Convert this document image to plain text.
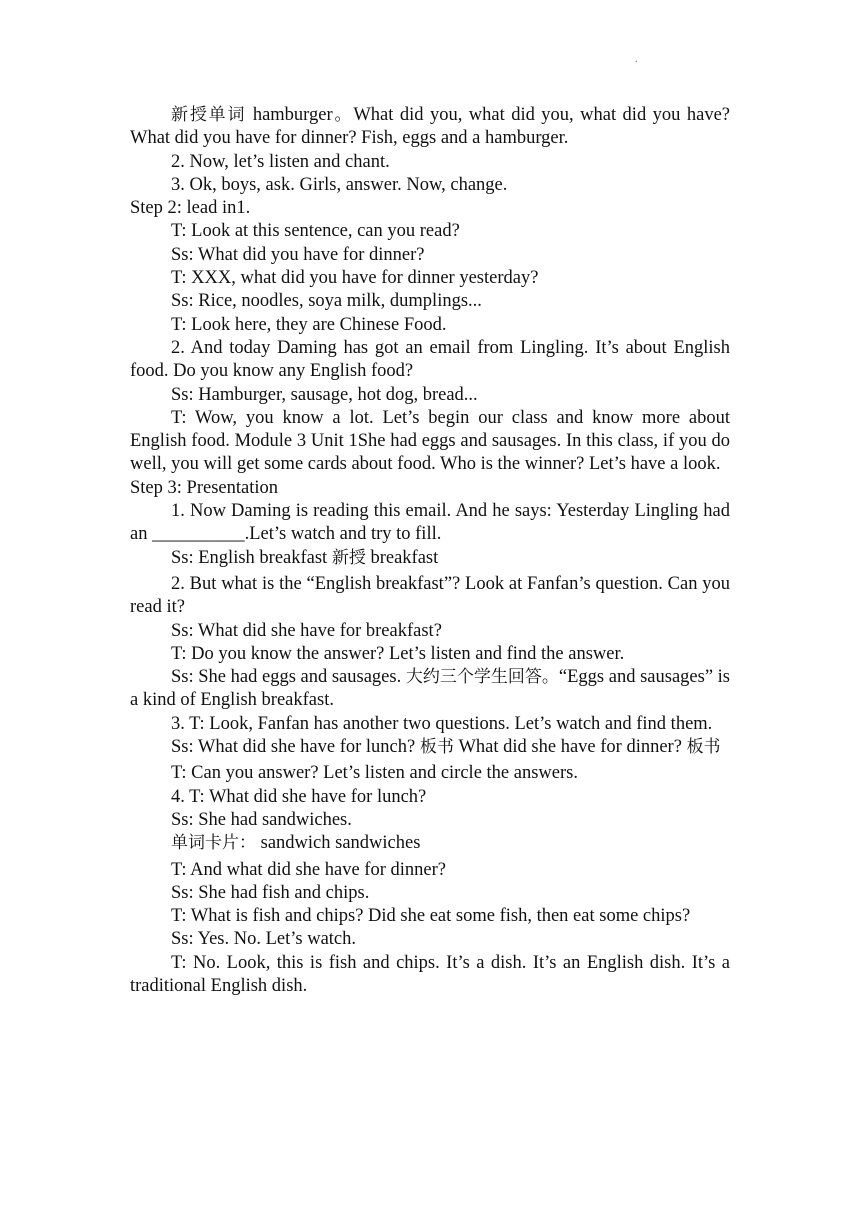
.

新授单词 hamburger。What did you, what did you, what did you have? What did you have for dinner? Fish, eggs and a hamburger.

2. Now, let’s listen and chant.

3. Ok, boys, ask. Girls, answer. Now, change.

Step 2: lead in1.

T: Look at this sentence, can you read?

Ss: What did you have for dinner?

T: XXX, what did you have for dinner yesterday?

Ss: Rice, noodles, soya milk, dumplings...

T: Look here, they are Chinese Food.

2. And today Daming has got an email from Lingling. It’s about English food. Do you know any English food?

Ss: Hamburger, sausage, hot dog, bread...

T: Wow, you know a lot. Let’s begin our class and know more about English food. Module 3 Unit 1She had eggs and sausages. In this class, if you do well, you will get some cards about food. Who is the winner? Let’s have a look.

Step 3: Presentation

1. Now Daming is reading this email. And he says: Yesterday Lingling had an __________.Let’s watch and try to fill.

Ss: English breakfast 新授 breakfast

2. But what is the “English breakfast”? Look at Fanfan’s question. Can you read it?

Ss: What did she have for breakfast?

T: Do you know the answer? Let’s listen and find the answer.

Ss: She had eggs and sausages. 大约三个学生回答。“Eggs and sausages” is a kind of English breakfast.

3. T: Look, Fanfan has another two questions. Let’s watch and find them.

Ss: What did she have for lunch? 板书 What did she have for dinner? 板书

T: Can you answer? Let’s listen and circle the answers.

4. T: What did she have for lunch?

Ss: She had sandwiches.

单词卡片： sandwich sandwiches

T: And what did she have for dinner?

Ss: She had fish and chips.

T: What is fish and chips? Did she eat some fish, then eat some chips?

Ss: Yes. No. Let’s watch.

T: No. Look, this is fish and chips. It’s a dish. It’s an English dish. It’s a traditional English dish.
